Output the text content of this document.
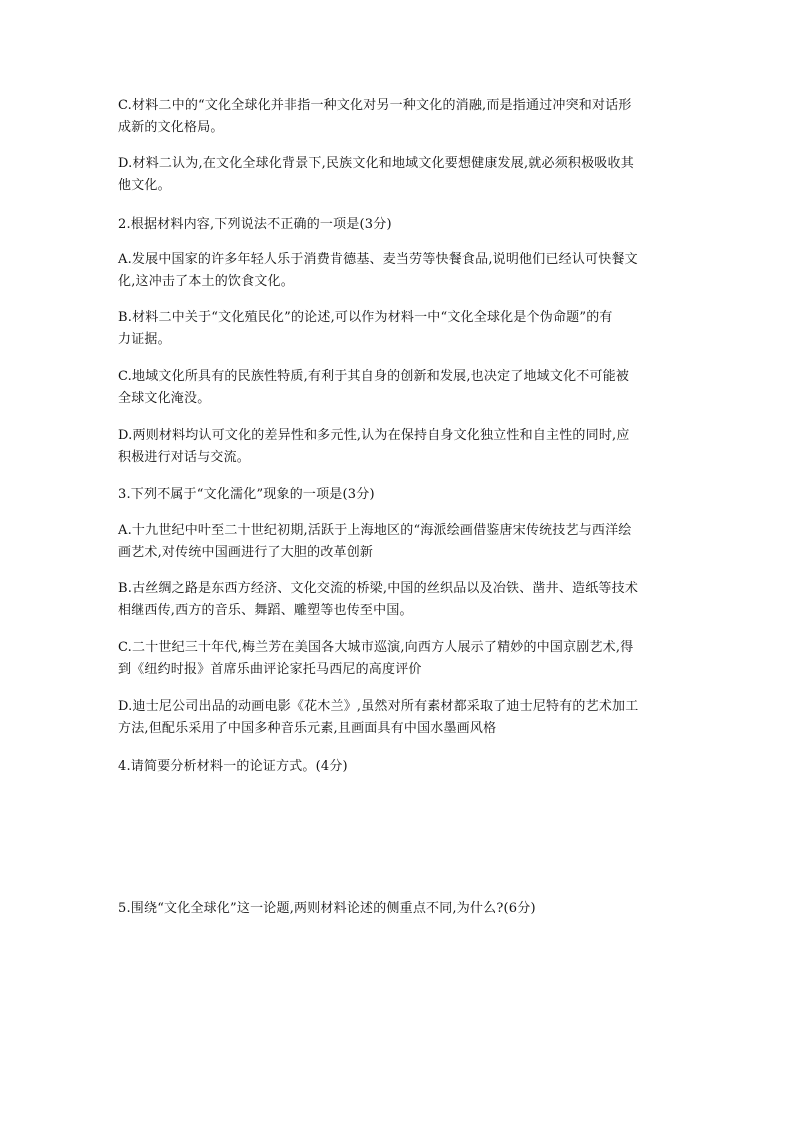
C.材料二中的“文化全球化并非指一种文化对另一种文化的消融,而是指通过冲突和对话形
成新的文化格局。
D.材料二认为,在文化全球化背景下,民族文化和地域文化要想健康发展,就必须积极吸收其
他文化。
2.根据材料内容,下列说法不正确的一项是(3分)
A.发展中国家的许多年轻人乐于消费肯德基、麦当劳等快餐食品,说明他们已经认可快餐文
化,这冲击了本土的饮食文化。
B.材料二中关于“文化殖民化”的论述,可以作为材料一中“文化全球化是个伪命题”的有
力证据。
C.地域文化所具有的民族性特质,有利于其自身的创新和发展,也决定了地域文化不可能被
全球文化淹没。
D.两则材料均认可文化的差异性和多元性,认为在保持自身文化独立性和自主性的同时,应
积极进行对话与交流。
3.下列不属于“文化濡化”现象的一项是(3分)
A.十九世纪中叶至二十世纪初期,活跃于上海地区的“海派绘画借鉴唐宋传统技艺与西洋绘
画艺术,对传统中国画进行了大胆的改革创新
B.古丝绸之路是东西方经济、文化交流的桥梁,中国的丝织品以及冶铁、凿井、造纸等技术
相继西传,西方的音乐、舞蹈、雕塑等也传至中国。
C.二十世纪三十年代,梅兰芳在美国各大城市巡演,向西方人展示了精妙的中国京剧艺术,得
到《纽约时报》首席乐曲评论家托马西尼的高度评价
D.迪士尼公司出品的动画电影《花木兰》,虽然对所有素材都采取了迪士尼特有的艺术加工
方法,但配乐采用了中国多种音乐元素,且画面具有中国水墨画风格
4.请简要分析材料一的论证方式。(4分)
5.围绕“文化全球化”这一论题,两则材料论述的侧重点不同,为什么?(6分)
